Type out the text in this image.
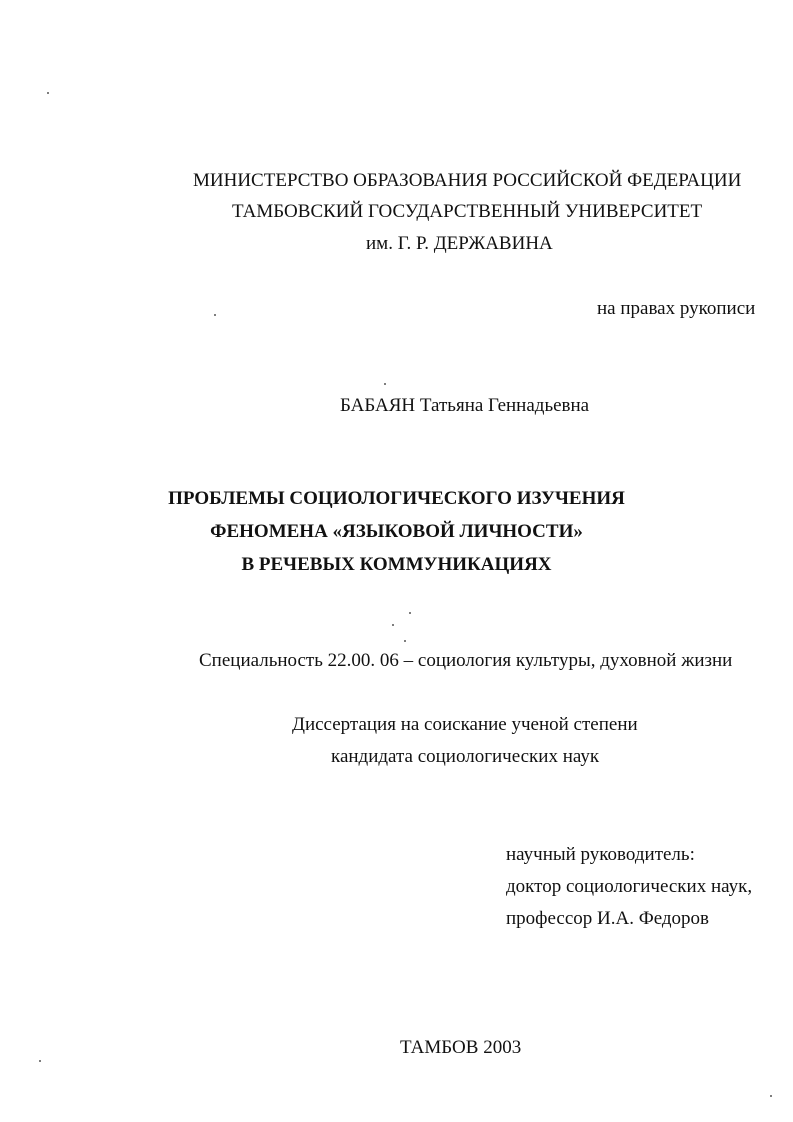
МИНИСТЕРСТВО ОБРАЗОВАНИЯ РОССИЙСКОЙ ФЕДЕРАЦИИ
ТАМБОВСКИЙ ГОСУДАРСТВЕННЫЙ УНИВЕРСИТЕТ
им. Г. Р. ДЕРЖАВИНА
на правах рукописи
БАБАЯН Татьяна Геннадьевна
ПРОБЛЕМЫ СОЦИОЛОГИЧЕСКОГО ИЗУЧЕНИЯ
ФЕНОМЕНА «ЯЗЫКОВОЙ ЛИЧНОСТИ»
В РЕЧЕВЫХ КОММУНИКАЦИЯХ
Специальность 22.00. 06 – социология культуры, духовной жизни
Диссертация на соискание ученой степени
кандидата социологических наук
научный руководитель:
доктор социологических наук,
профессор И.А. Федоров
ТАМБОВ 2003
